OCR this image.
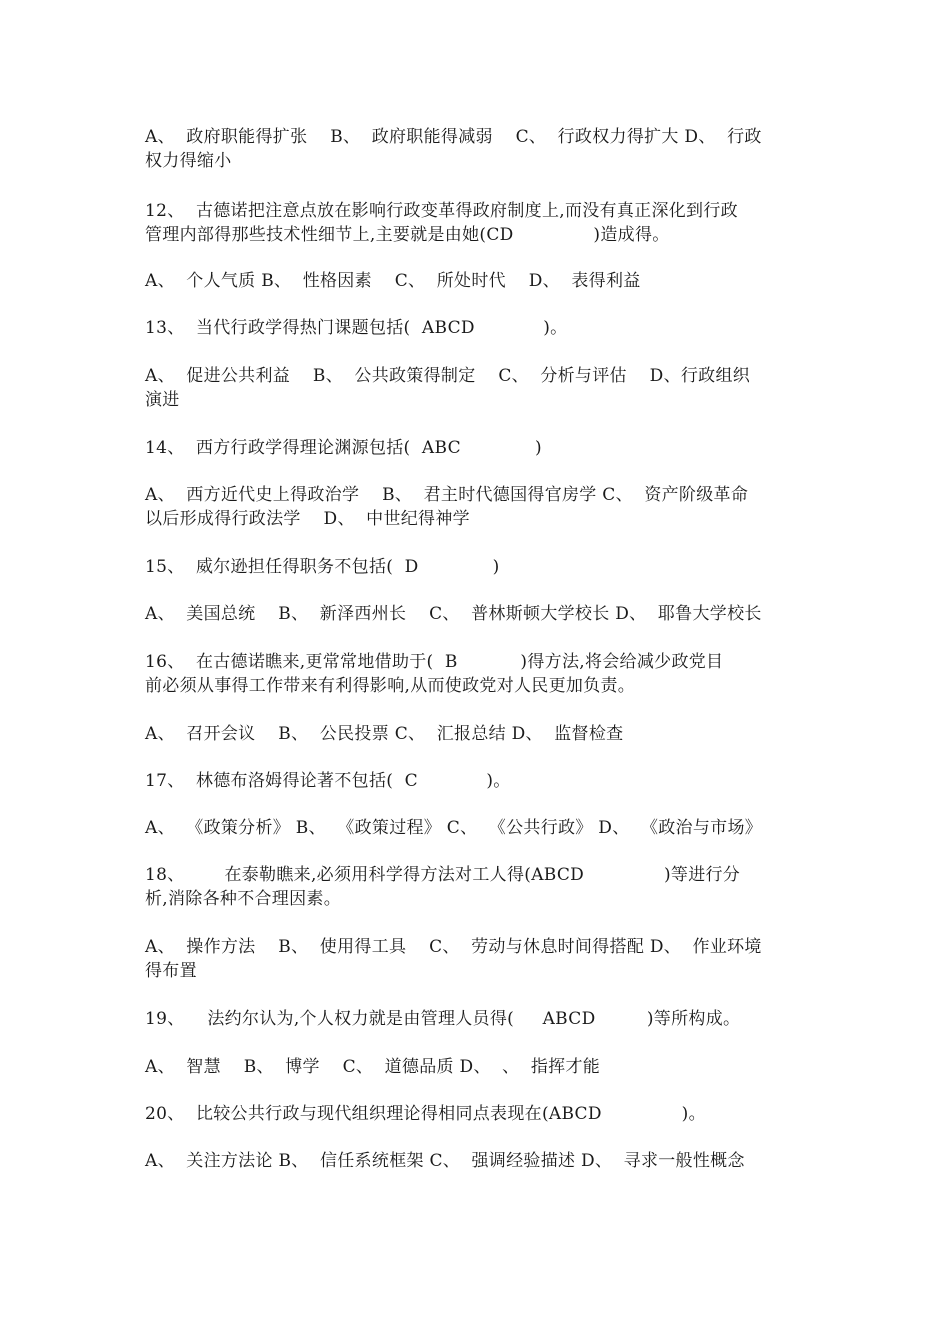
A、  政府职能得扩张    B、  政府职能得减弱    C、  行政权力得扩大 D、  行政
权力得缩小
12、  古德诺把注意点放在影响行政变革得政府制度上,而没有真正深化到行政
管理内部得那些技术性细节上,主要就是由她(CD              )造成得。
A、  个人气质 B、  性格因素    C、  所处时代    D、  表得利益
13、  当代行政学得热门课题包括(  ABCD            )。
A、  促进公共利益    B、  公共政策得制定    C、  分析与评估    D、行政组织
演进
14、  西方行政学得理论渊源包括(  ABC             )
A、  西方近代史上得政治学    B、  君主时代德国得官房学 C、  资产阶级革命
以后形成得行政法学    D、  中世纪得神学
15、  威尔逊担任得职务不包括(  D             )
A、  美国总统    B、  新泽西州长    C、  普林斯顿大学校长 D、  耶鲁大学校长
16、  在古德诺瞧来,更常常地借助于(  B           )得方法,将会给减少政党目
前必须从事得工作带来有利得影响,从而使政党对人民更加负责。
A、  召开会议    B、  公民投票 C、  汇报总结 D、  监督检查
17、  林德布洛姆得论著不包括(  C            )。
A、  《政策分析》 B、  《政策过程》 C、  《公共行政》 D、  《政治与市场》
18、       在泰勒瞧来,必须用科学得方法对工人得(ABCD              )等进行分
析,消除各种不合理因素。
A、  操作方法    B、  使用得工具    C、  劳动与休息时间得搭配 D、  作业环境
得布置
19、    法约尔认为,个人权力就是由管理人员得(     ABCD         )等所构成。
A、  智慧    B、  博学    C、  道德品质 D、  、  指挥才能
20、  比较公共行政与现代组织理论得相同点表现在(ABCD              )。
A、  关注方法论 B、  信任系统框架 C、  强调经验描述 D、  寻求一般性概念
